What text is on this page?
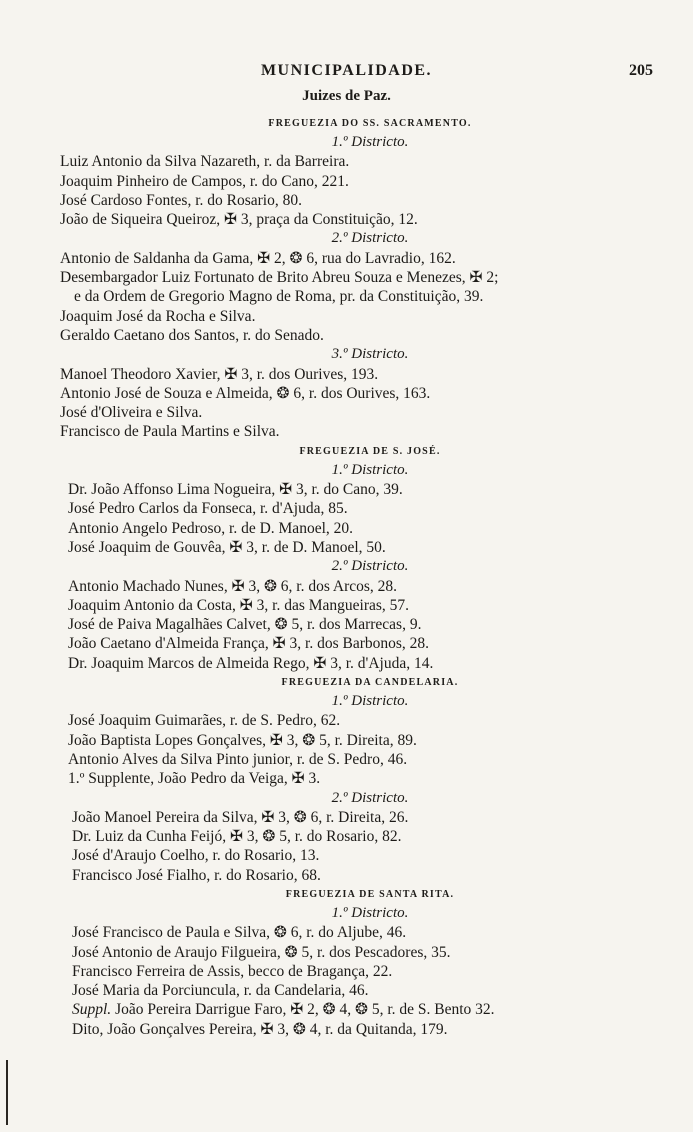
MUNICIPALIDADE.	205
Juizes de Paz.
FREGUEZIA DO SS. SACRAMENTO.
1.º Districto.
Luiz Antonio da Silva Nazareth, r. da Barreira.
Joaquim Pinheiro de Campos, r. do Cano, 221.
José Cardoso Fontes, r. do Rosario, 80.
João de Siqueira Queiroz, ✠ 3, praça da Constituição, 12.
2.º Districto.
Antonio de Saldanha da Gama, ✠ 2, ❂ 6, rua do Lavradio, 162.
Desembargador Luiz Fortunato de Brito Abreu Souza e Menezes, ✠ 2;
e da Ordem de Gregorio Magno de Roma, pr. da Constituição, 39.
Joaquim José da Rocha e Silva.
Geraldo Caetano dos Santos, r. do Senado.
3.º Districto.
Manoel Theodoro Xavier, ✠ 3, r. dos Ourives, 193.
Antonio José de Souza e Almeida, ❂ 6, r. dos Ourives, 163.
José d'Oliveira e Silva.
Francisco de Paula Martins e Silva.
FREGUEZIA DE S. JOSÉ.
1.º Districto.
Dr. João Affonso Lima Nogueira, ✠ 3, r. do Cano, 39.
José Pedro Carlos da Fonseca, r. d'Ajuda, 85.
Antonio Angelo Pedroso, r. de D. Manoel, 20.
José Joaquim de Gouvêa, ✠ 3, r. de D. Manoel, 50.
2.º Districto.
Antonio Machado Nunes, ✠ 3, ❂ 6, r. dos Arcos, 28.
Joaquim Antonio da Costa, ✠ 3, r. das Mangueiras, 57.
José de Paiva Magalhães Calvet, ❂ 5, r. dos Marrecas, 9.
João Caetano d'Almeida França, ✠ 3, r. dos Barbonos, 28.
Dr. Joaquim Marcos de Almeida Rego, ✠ 3, r. d'Ajuda, 14.
FREGUEZIA DA CANDELARIA.
1.º Districto.
José Joaquim Guimarães, r. de S. Pedro, 62.
João Baptista Lopes Gonçalves, ✠ 3, ❂ 5, r. Direita, 89.
Antonio Alves da Silva Pinto junior, r. de S. Pedro, 46.
1.º Supplente, João Pedro da Veiga, ✠ 3.
2.º Districto.
João Manoel Pereira da Silva, ✠ 3, ❂ 6, r. Direita, 26.
Dr. Luiz da Cunha Feijó, ✠ 3, ❂ 5, r. do Rosario, 82.
José d'Araujo Coelho, r. do Rosario, 13.
Francisco José Fialho, r. do Rosario, 68.
FREGUEZIA DE SANTA RITA.
1.º Districto.
José Francisco de Paula e Silva, ❂ 6, r. do Aljube, 46.
José Antonio de Araujo Filgueira, ❂ 5, r. dos Pescadores, 35.
Francisco Ferreira de Assis, becco de Bragança, 22.
José Maria da Porciuncula, r. da Candelaria, 46.
Suppl. João Pereira Darrigue Faro, ✠ 2, ❂ 4, ❂ 5, r. de S. Bento 32.
Dito, João Gonçalves Pereira, ✠ 3, ❂ 4, r. da Quitanda, 179.
